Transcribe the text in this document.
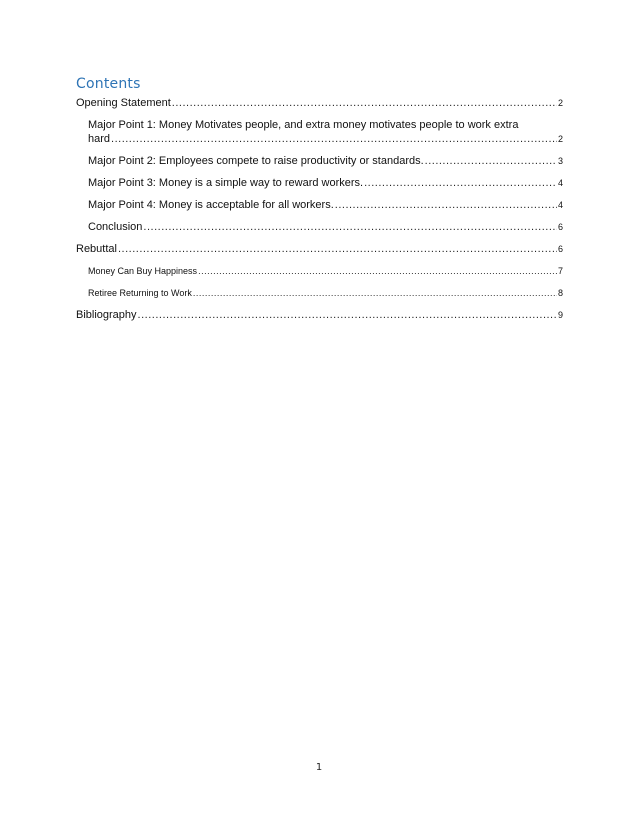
Contents
Opening Statement .....	2
Major Point 1: Money Motivates people, and extra money motivates people to work extra
hard .....	2
Major Point 2: Employees compete to raise productivity or standards. .....	3
Major Point 3: Money is a simple way to reward workers. .....	4
Major Point 4: Money is acceptable for all workers. .....	4
Conclusion .....	6
Rebuttal .....	6
Money Can Buy Happiness .....	7
Retiree Returning to Work .....	8
Bibliography .....	9
1
